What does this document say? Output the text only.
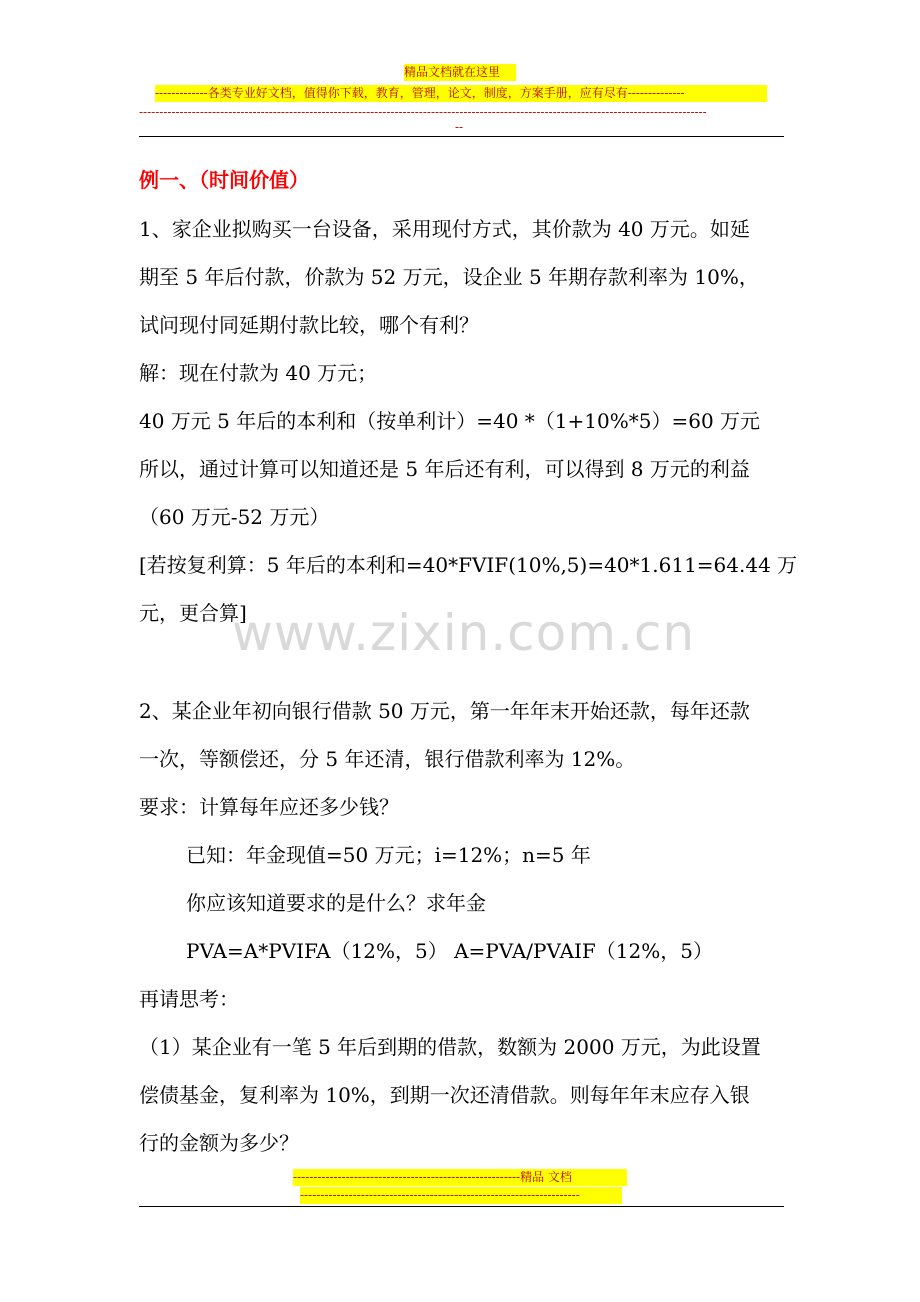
精品文档就在这里
-------------各类专业好文档，值得你下载，教育，管理，论文，制度，方案手册，应有尽有--------------
--------------------------------------------------------------------------------------------------------------------------------------------
--
例一、（时间价值）
1、家企业拟购买一台设备，采用现付方式，其价款为 40 万元。如延
期至 5 年后付款，价款为 52 万元，设企业 5 年期存款利率为 10%，
试问现付同延期付款比较，哪个有利？
解：现在付款为 40 万元；
40 万元 5 年后的本利和（按单利计）=40 *（1+10%*5）=60 万元
所以，通过计算可以知道还是 5 年后还有利，可以得到 8 万元的利益
（60 万元-52 万元）
[若按复利算：5 年后的本利和=40*FVIF(10%,5)=40*1.611=64.44 万
元，更合算]
www.zixin.com.cn
2、某企业年初向银行借款 50 万元，第一年年末开始还款，每年还款
一次，等额偿还，分 5 年还清，银行借款利率为 12%。
要求：计算每年应还多少钱？
已知：年金现值=50 万元；i=12%；n=5 年
你应该知道要求的是什么？求年金
PVA=A*PVIFA（12%，5） A=PVA/PVAIF（12%，5）
再请思考：
（1）某企业有一笔 5 年后到期的借款，数额为 2000 万元，为此设置
偿债基金，复利率为 10%，到期一次还清借款。则每年年末应存入银
行的金额为多少？
--------------------------------------------------------精品 文档
---------------------------------------------------------------------
